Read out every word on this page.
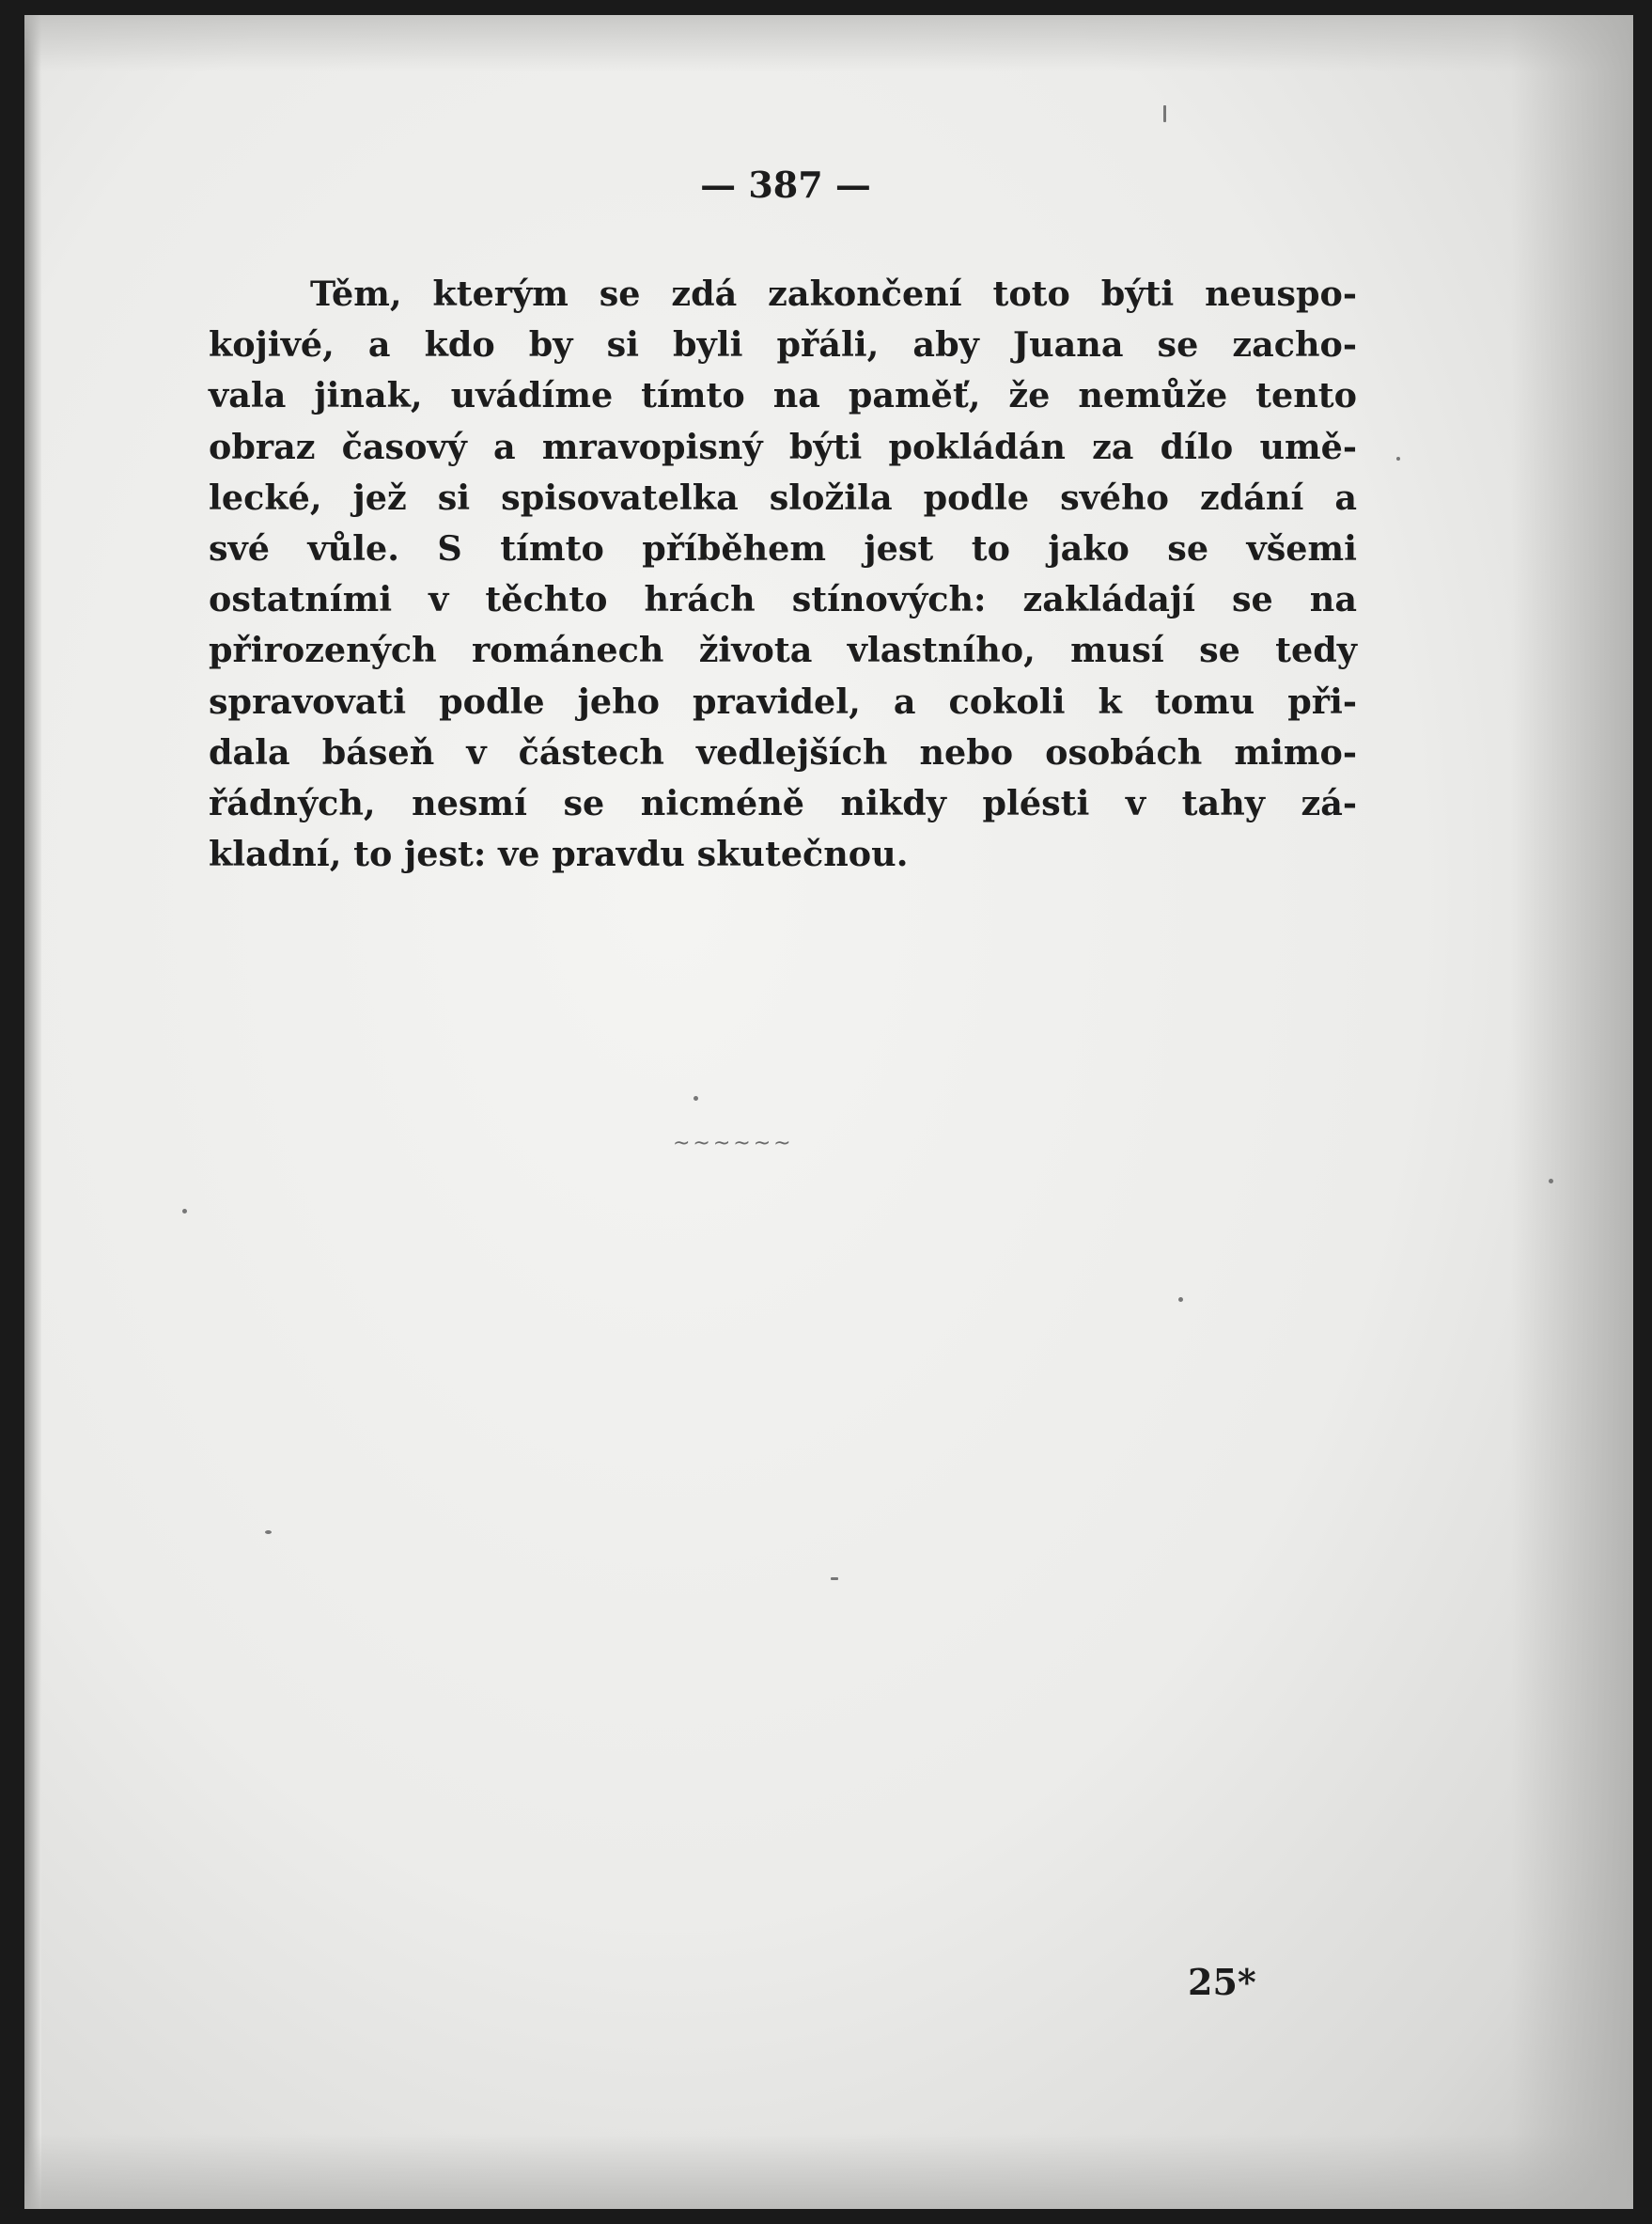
— 387 —
Těm, kterým se zdá zakončení toto býti neuspo-
kojivé, a kdo by si byli přáli, aby Juana se zacho-
vala jinak, uvádíme tímto na paměť, že nemůže tento
obraz časový a mravopisný býti pokládán za dílo umě-
lecké, jež si spisovatelka složila podle svého zdání a
své vůle. S tímto příběhem jest to jako se všemi
ostatními v těchto hrách stínových: zakládají se na
přirozených románech života vlastního, musí se tedy
spravovati podle jeho pravidel, a cokoli k tomu při-
dala báseň v částech vedlejších nebo osobách mimo-
řádných, nesmí se nicméně nikdy plésti v tahy zá-
kladní, to jest: ve pravdu skutečnou.
~~~~~~
25*
